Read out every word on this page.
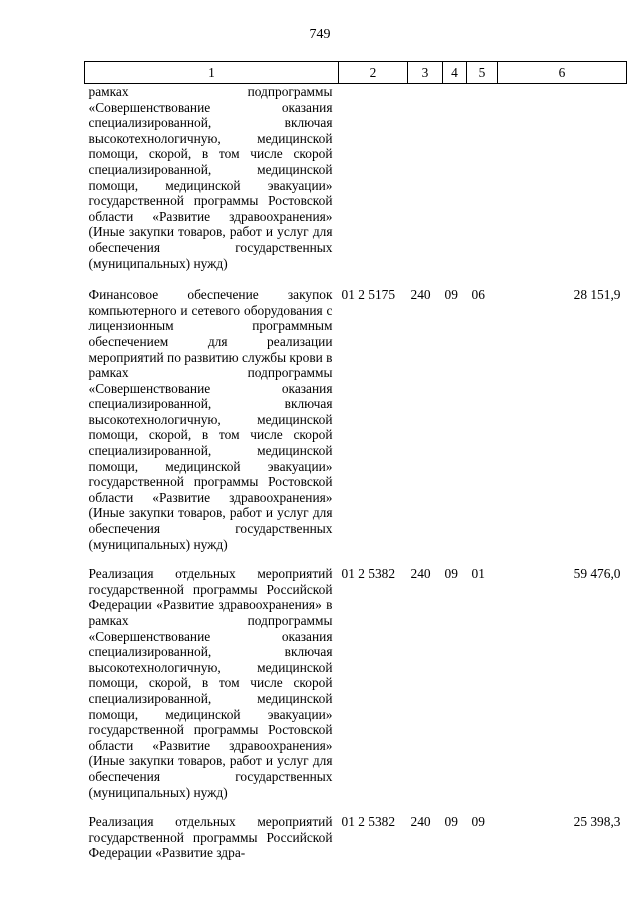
749
1	2	3	4	5	6
рамках подпрограммы «Совершенствование оказания специализированной, включая высокотехнологичную, медицинской помощи, скорой, в том числе скорой специализированной, медицинской помощи, медицинской эвакуации» государственной программы Ростовской области «Развитие здравоохранения» (Иные закупки товаров, работ и услуг для обеспечения государственных (муниципальных) нужд)					
Финансовое обеспечение закупок компьютерного и сетевого оборудования с лицензионным программным обеспечением для реализации мероприятий по развитию службы крови в рамках подпрограммы «Совершенствование оказания специализированной, включая высокотехнологичную, медицинской помощи, скорой, в том числе скорой специализированной, медицинской помощи, медицинской эвакуации» государственной программы Ростовской области «Развитие здравоохранения» (Иные закупки товаров, работ и услуг для обеспечения государственных (муниципальных) нужд)	01 2 5175	240	09	06	28 151,9
Реализация отдельных мероприятий государственной программы Российской Федерации «Развитие здравоохранения» в рамках подпрограммы «Совершенствование оказания специализированной, включая высокотехнологичную, медицинской помощи, скорой, в том числе скорой специализированной, медицинской помощи, медицинской эвакуации» государственной программы Ростовской области «Развитие здравоохранения» (Иные закупки товаров, работ и услуг для обеспечения государственных (муниципальных) нужд)	01 2 5382	240	09	01	59 476,0
Реализация отдельных мероприятий государственной программы Российской Федерации «Развитие здра-	01 2 5382	240	09	09	25 398,3
